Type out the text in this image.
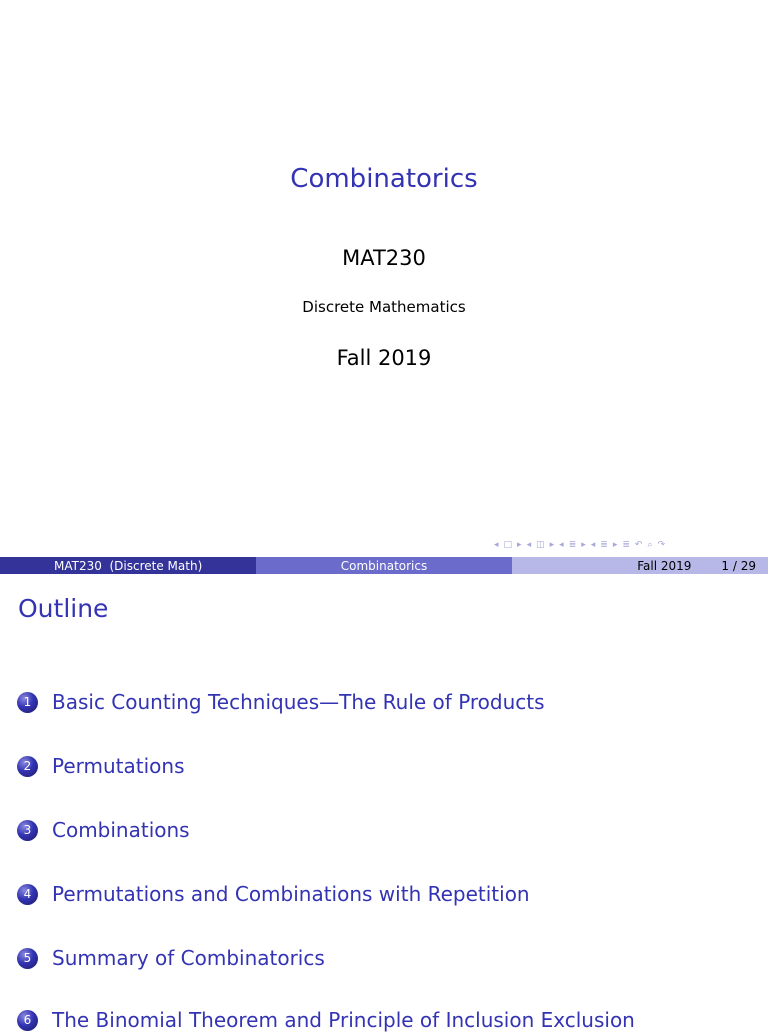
Combinatorics
MAT230
Discrete Mathematics
Fall 2019
◂ □ ▸ ◂ ◫ ▸ ◂ ≣ ▸ ◂ ≣ ▸ ≣ ↶ ⌕ ↷
MAT230  (Discrete Math)	Combinatorics	Fall 2019	1 / 29
Outline
1	Basic Counting Techniques—The Rule of Products
2	Permutations
3	Combinations
4	Permutations and Combinations with Repetition
5	Summary of Combinatorics
6	The Binomial Theorem and Principle of Inclusion Exclusion
